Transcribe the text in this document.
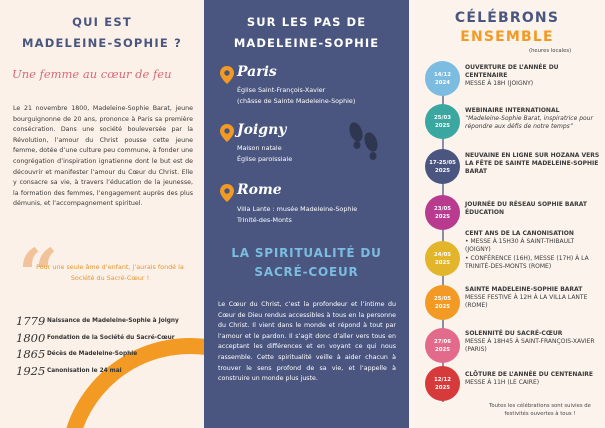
QUI EST
MADELEINE-SOPHIE ?
Une femme au cœur de feu
Le 21 novembre 1800, Madeleine-Sophie Barat, jeune bourguignonne de 20 ans, prononce à Paris sa première consécration. Dans une société bouleversée par la Révolution, l’amour du Christ pousse cette jeune femme, dotée d’une culture peu commune, à fonder une congrégation d’inspiration ignatienne dont le but est de découvrir et manifester l’amour du Cœur du Christ. Elle y consacre sa vie, à travers l’éducation de la jeunesse, la formation des femmes, l’engagement auprès des plus démunis, et l’accompagnement spirituel.
“
Pour une seule âme d’enfant, j’aurais fondé la Société du Sacré-Cœur !
1779 Naissance de Madeleine-Sophie à Joigny
1800 Fondation de la Société du Sacré-Cœur
1865 Décès de Madeleine-Sophie
1925 Canonisation le 24 mai
SUR LES PAS DE
MADELEINE-SOPHIE
Paris
Église Saint-François-Xavier
(châsse de Sainte Madeleine-Sophie)
Joigny
Maison natale
Église paroissiale
Rome
Villa Lante : musée Madeleine-Sophie
Trinité-des-Monts
LA SPIRITUALITÉ DU
SACRÉ-COEUR
Le Cœur du Christ, c’est la profondeur et l’intime du Cœur de Dieu rendus accessibles à tous en la personne du Christ. Il vient dans le monde et répond à tout par l’amour et le pardon. Il s’agit donc d’aller vers tous en acceptant les différences et en voyant ce qui nous rassemble. Cette spiritualité veille à aider chacun à trouver le sens profond de sa vie, et l’appelle à construire un monde plus juste.
CÉLÉBRONS
ENSEMBLE
(heures locales)
14/12
2024
OUVERTURE DE L’ANNÉE DU CENTENAIRE
MESSE À 18H (JOIGNY)
25/03
2025
WEBINAIRE INTERNATIONAL
“Madeleine-Sophie Barat, inspiratrice pour répondre aux défis de notre temps”
17-25/05
2025
NEUVAINE EN LIGNE SUR HOZANA VERS LA FÊTE DE SAINTE MADELEINE-SOPHIE BARAT
23/05
2025
JOURNÉE DU RÉSEAU SOPHIE BARAT ÉDUCATION
24/05
2025
CENT ANS DE LA CANONISATION
• MESSE À 15H30 À SAINT-THIBAULT (JOIGNY)
• CONFÉRENCE (16H), MESSE (17H) À LA TRINITÉ-DES-MONTS (ROME)
25/05
2025
SAINTE MADELEINE-SOPHIE BARAT
MESSE FESTIVE À 12H À LA VILLA LANTE (ROME)
27/06
2025
SOLENNITÉ DU SACRÉ-CŒUR
MESSE À 18H45 À SAINT-FRANÇOIS-XAVIER (PARIS)
12/12
2025
CLÔTURE DE L’ANNÉE DU CENTENAIRE
MESSE À 11H (LE CAIRE)
Toutes les célébrations sont suivies de festivités ouvertes à tous !
